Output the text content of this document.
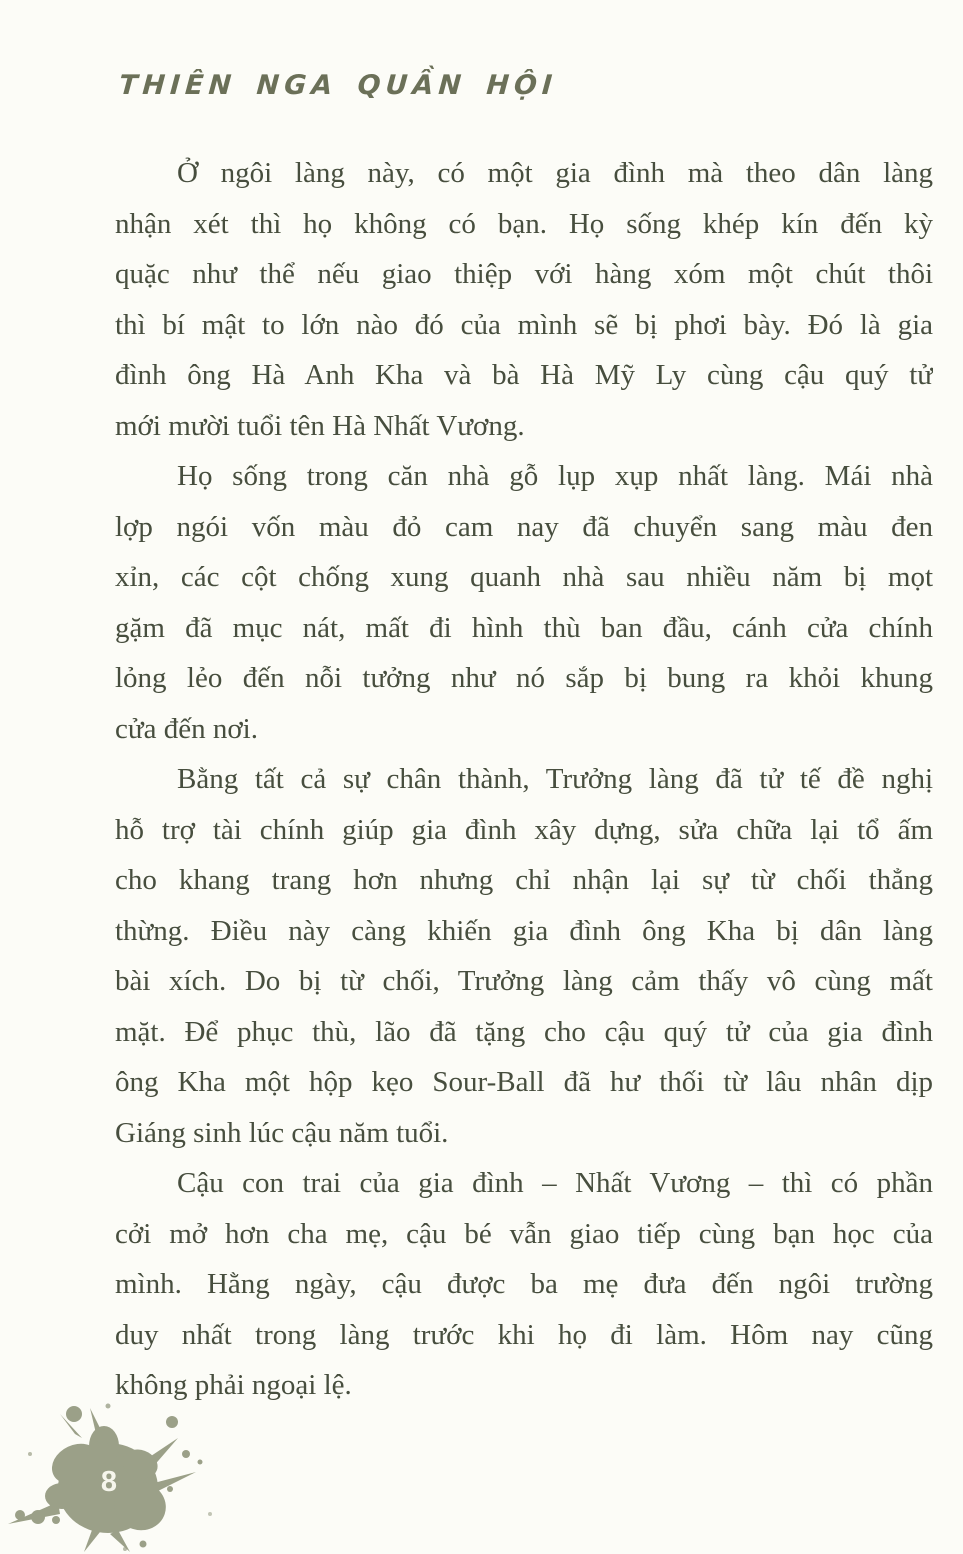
THIÊN NGA QUẦN HỘI
Ở ngôi làng này, có một gia đình mà theo dân làng
nhận xét thì họ không có bạn. Họ sống khép kín đến kỳ
quặc như thể nếu giao thiệp với hàng xóm một chút thôi
thì bí mật to lớn nào đó của mình sẽ bị phơi bày. Đó là gia
đình ông Hà Anh Kha và bà Hà Mỹ Ly cùng cậu quý tử
mới mười tuổi tên Hà Nhất Vương.
Họ sống trong căn nhà gỗ lụp xụp nhất làng. Mái nhà
lợp ngói vốn màu đỏ cam nay đã chuyển sang màu đen
xỉn, các cột chống xung quanh nhà sau nhiều năm bị mọt
gặm đã mục nát, mất đi hình thù ban đầu, cánh cửa chính
lỏng lẻo đến nỗi tưởng như nó sắp bị bung ra khỏi khung
cửa đến nơi.
Bằng tất cả sự chân thành, Trưởng làng đã tử tế đề nghị
hỗ trợ tài chính giúp gia đình xây dựng, sửa chữa lại tổ ấm
cho khang trang hơn nhưng chỉ nhận lại sự từ chối thẳng
thừng. Điều này càng khiến gia đình ông Kha bị dân làng
bài xích. Do bị từ chối, Trưởng làng cảm thấy vô cùng mất
mặt. Để phục thù, lão đã tặng cho cậu quý tử của gia đình
ông Kha một hộp kẹo Sour-Ball đã hư thối từ lâu nhân dịp
Giáng sinh lúc cậu năm tuổi.
Cậu con trai của gia đình – Nhất Vương – thì có phần
cởi mở hơn cha mẹ, cậu bé vẫn giao tiếp cùng bạn học của
mình. Hằng ngày, cậu được ba mẹ đưa đến ngôi trường
duy nhất trong làng trước khi họ đi làm. Hôm nay cũng
không phải ngoại lệ.
8
